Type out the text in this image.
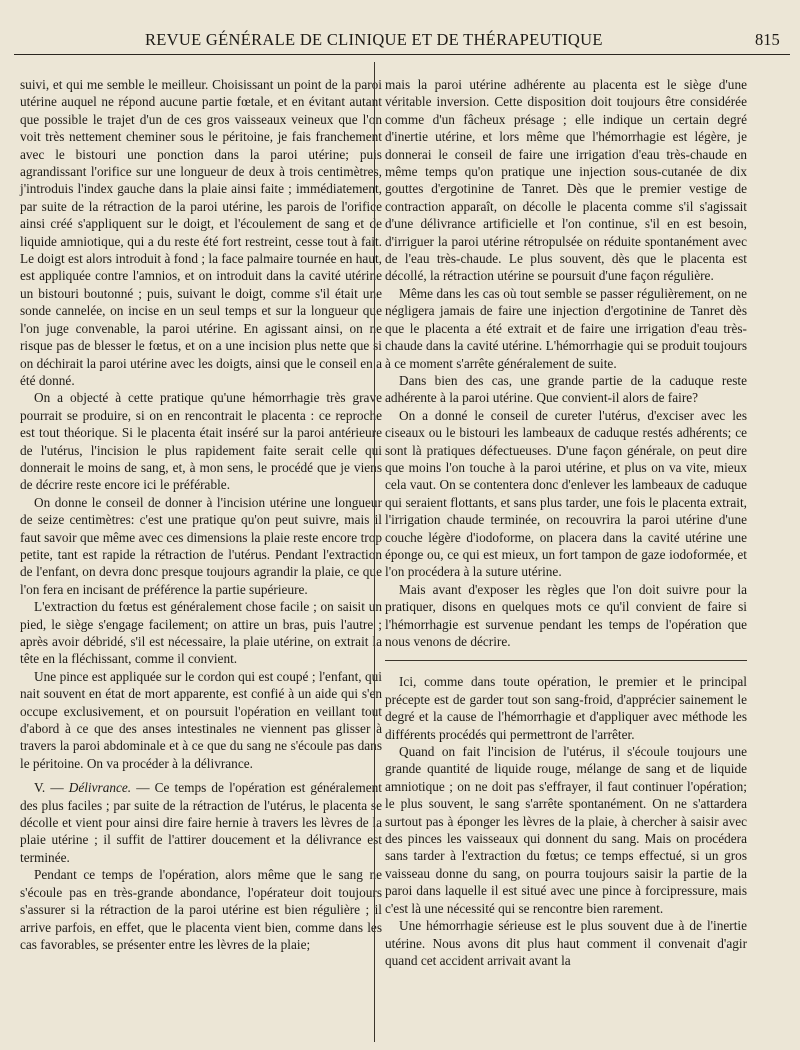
REVUE GÉNÉRALE DE CLINIQUE ET DE THÉRAPEUTIQUE	815

suivi, et qui me semble le meilleur. Choisissant un point de la paroi utérine auquel ne répond aucune partie fœtale, et en évitant autant que possible le trajet d'un de ces gros vaisseaux veineux que l'on voit très nettement cheminer sous le péritoine, je fais franchement avec le bistouri une ponction dans la paroi utérine; puis agrandissant l'orifice sur une longueur de deux à trois centimètres, j'introduis l'index gauche dans la plaie ainsi faite ; immédiatement, par suite de la rétraction de la paroi utérine, les parois de l'orifice ainsi créé s'appliquent sur le doigt, et l'écoulement de sang et de liquide amniotique, qui a du reste été fort restreint, cesse tout à fait. Le doigt est alors introduit à fond ; la face palmaire tournée en haut, est appliquée contre l'amnios, et on introduit dans la cavité utérine un bistouri boutonné ; puis, suivant le doigt, comme s'il était une sonde cannelée, on incise en un seul temps et sur la longueur que l'on juge convenable, la paroi utérine. En agissant ainsi, on ne risque pas de blesser le fœtus, et on a une incision plus nette que si on déchirait la paroi utérine avec les doigts, ainsi que le conseil en a été donné.

On a objecté à cette pratique qu'une hémorrhagie très grave pourrait se produire, si on en rencontrait le placenta : ce reproche est tout théorique. Si le placenta était inséré sur la paroi antérieure de l'utérus, l'incision le plus rapidement faite serait celle qui donnerait le moins de sang, et, à mon sens, le procédé que je viens de décrire reste encore ici le préférable.

On donne le conseil de donner à l'incision utérine une longueur de seize centimètres: c'est une pratique qu'on peut suivre, mais il faut savoir que même avec ces dimensions la plaie reste encore trop petite, tant est rapide la rétraction de l'utérus. Pendant l'extraction de l'enfant, on devra donc presque toujours agrandir la plaie, ce que l'on fera en incisant de préférence la partie supérieure.

L'extraction du fœtus est généralement chose facile ; on saisit un pied, le siège s'engage facilement; on attire un bras, puis l'autre ; après avoir débridé, s'il est nécessaire, la plaie utérine, on extrait la tête en la fléchissant, comme il convient.

Une pince est appliquée sur le cordon qui est coupé ; l'enfant, qui nait souvent en état de mort apparente, est confié à un aide qui s'en occupe exclusivement, et on poursuit l'opération en veillant tout d'abord à ce que des anses intestinales ne viennent pas glisser à travers la paroi abdominale et à ce que du sang ne s'écoule pas dans le péritoine. On va procéder à la délivrance.

V. — Délivrance. — Ce temps de l'opération est généralement des plus faciles ; par suite de la rétraction de l'utérus, le placenta se décolle et vient pour ainsi dire faire hernie à travers les lèvres de la plaie utérine ; il suffit de l'attirer doucement et la délivrance est terminée.

Pendant ce temps de l'opération, alors même que le sang ne s'écoule pas en très-grande abondance, l'opérateur doit toujours s'assurer si la rétraction de la paroi utérine est bien régulière ; il arrive parfois, en effet, que le placenta vient bien, comme dans les cas favorables, se présenter entre les lèvres de la plaie;

mais la paroi utérine adhérente au placenta est le siège d'une véritable inversion. Cette disposition doit toujours être considérée comme d'un fâcheux présage ; elle indique un certain degré d'inertie utérine, et lors même que l'hémorrhagie est légère, je donnerai le conseil de faire une irrigation d'eau très-chaude en même temps qu'on pratique une injection sous-cutanée de dix gouttes d'ergotinine de Tanret. Dès que le premier vestige de contraction apparaît, on décolle le placenta comme s'il s'agissait d'une délivrance artificielle et l'on continue, s'il en est besoin, d'irriguer la paroi utérine rétropulsée on réduite spontanément avec de l'eau très-chaude. Le plus souvent, dès que le placenta est décollé, la rétraction utérine se poursuit d'une façon régulière.

Même dans les cas où tout semble se passer régulièrement, on ne négligera jamais de faire une injection d'ergotinine de Tanret dès que le placenta a été extrait et de faire une irrigation d'eau très-chaude dans la cavité utérine. L'hémorrhagie qui se produit toujours à ce moment s'arrête généralement de suite.

Dans bien des cas, une grande partie de la caduque reste adhérente à la paroi utérine. Que convient-il alors de faire?

On a donné le conseil de cureter l'utérus, d'exciser avec les ciseaux ou le bistouri les lambeaux de caduque restés adhérents; ce sont là pratiques défectueuses. D'une façon générale, on peut dire que moins l'on touche à la paroi utérine, et plus on va vite, mieux cela vaut. On se contentera donc d'enlever les lambeaux de caduque qui seraient flottants, et sans plus tarder, une fois le placenta extrait, l'irrigation chaude terminée, on recouvrira la paroi utérine d'une couche légère d'iodoforme, on placera dans la cavité utérine une éponge ou, ce qui est mieux, un fort tampon de gaze iodoformée, et l'on procédera à la suture utérine.

Mais avant d'exposer les règles que l'on doit suivre pour la pratiquer, disons en quelques mots ce qu'il convient de faire si l'hémorrhagie est survenue pendant les temps de l'opération que nous venons de décrire.

Ici, comme dans toute opération, le premier et le principal précepte est de garder tout son sang-froid, d'apprécier sainement le degré et la cause de l'hémorrhagie et d'appliquer avec méthode les différents procédés qui permettront de l'arrêter.

Quand on fait l'incision de l'utérus, il s'écoule toujours une grande quantité de liquide rouge, mélange de sang et de liquide amniotique ; on ne doit pas s'effrayer, il faut continuer l'opération; le plus souvent, le sang s'arrête spontanément. On ne s'attardera surtout pas à éponger les lèvres de la plaie, à chercher à saisir avec des pinces les vaisseaux qui donnent du sang. Mais on procédera sans tarder à l'extraction du fœtus; ce temps effectué, si un gros vaisseau donne du sang, on pourra toujours saisir la partie de la paroi dans laquelle il est situé avec une pince à forcipressure, mais c'est là une nécessité qui se rencontre bien rarement.

Une hémorrhagie sérieuse est le plus souvent due à de l'inertie utérine. Nous avons dit plus haut comment il convenait d'agir quand cet accident arrivait avant la
